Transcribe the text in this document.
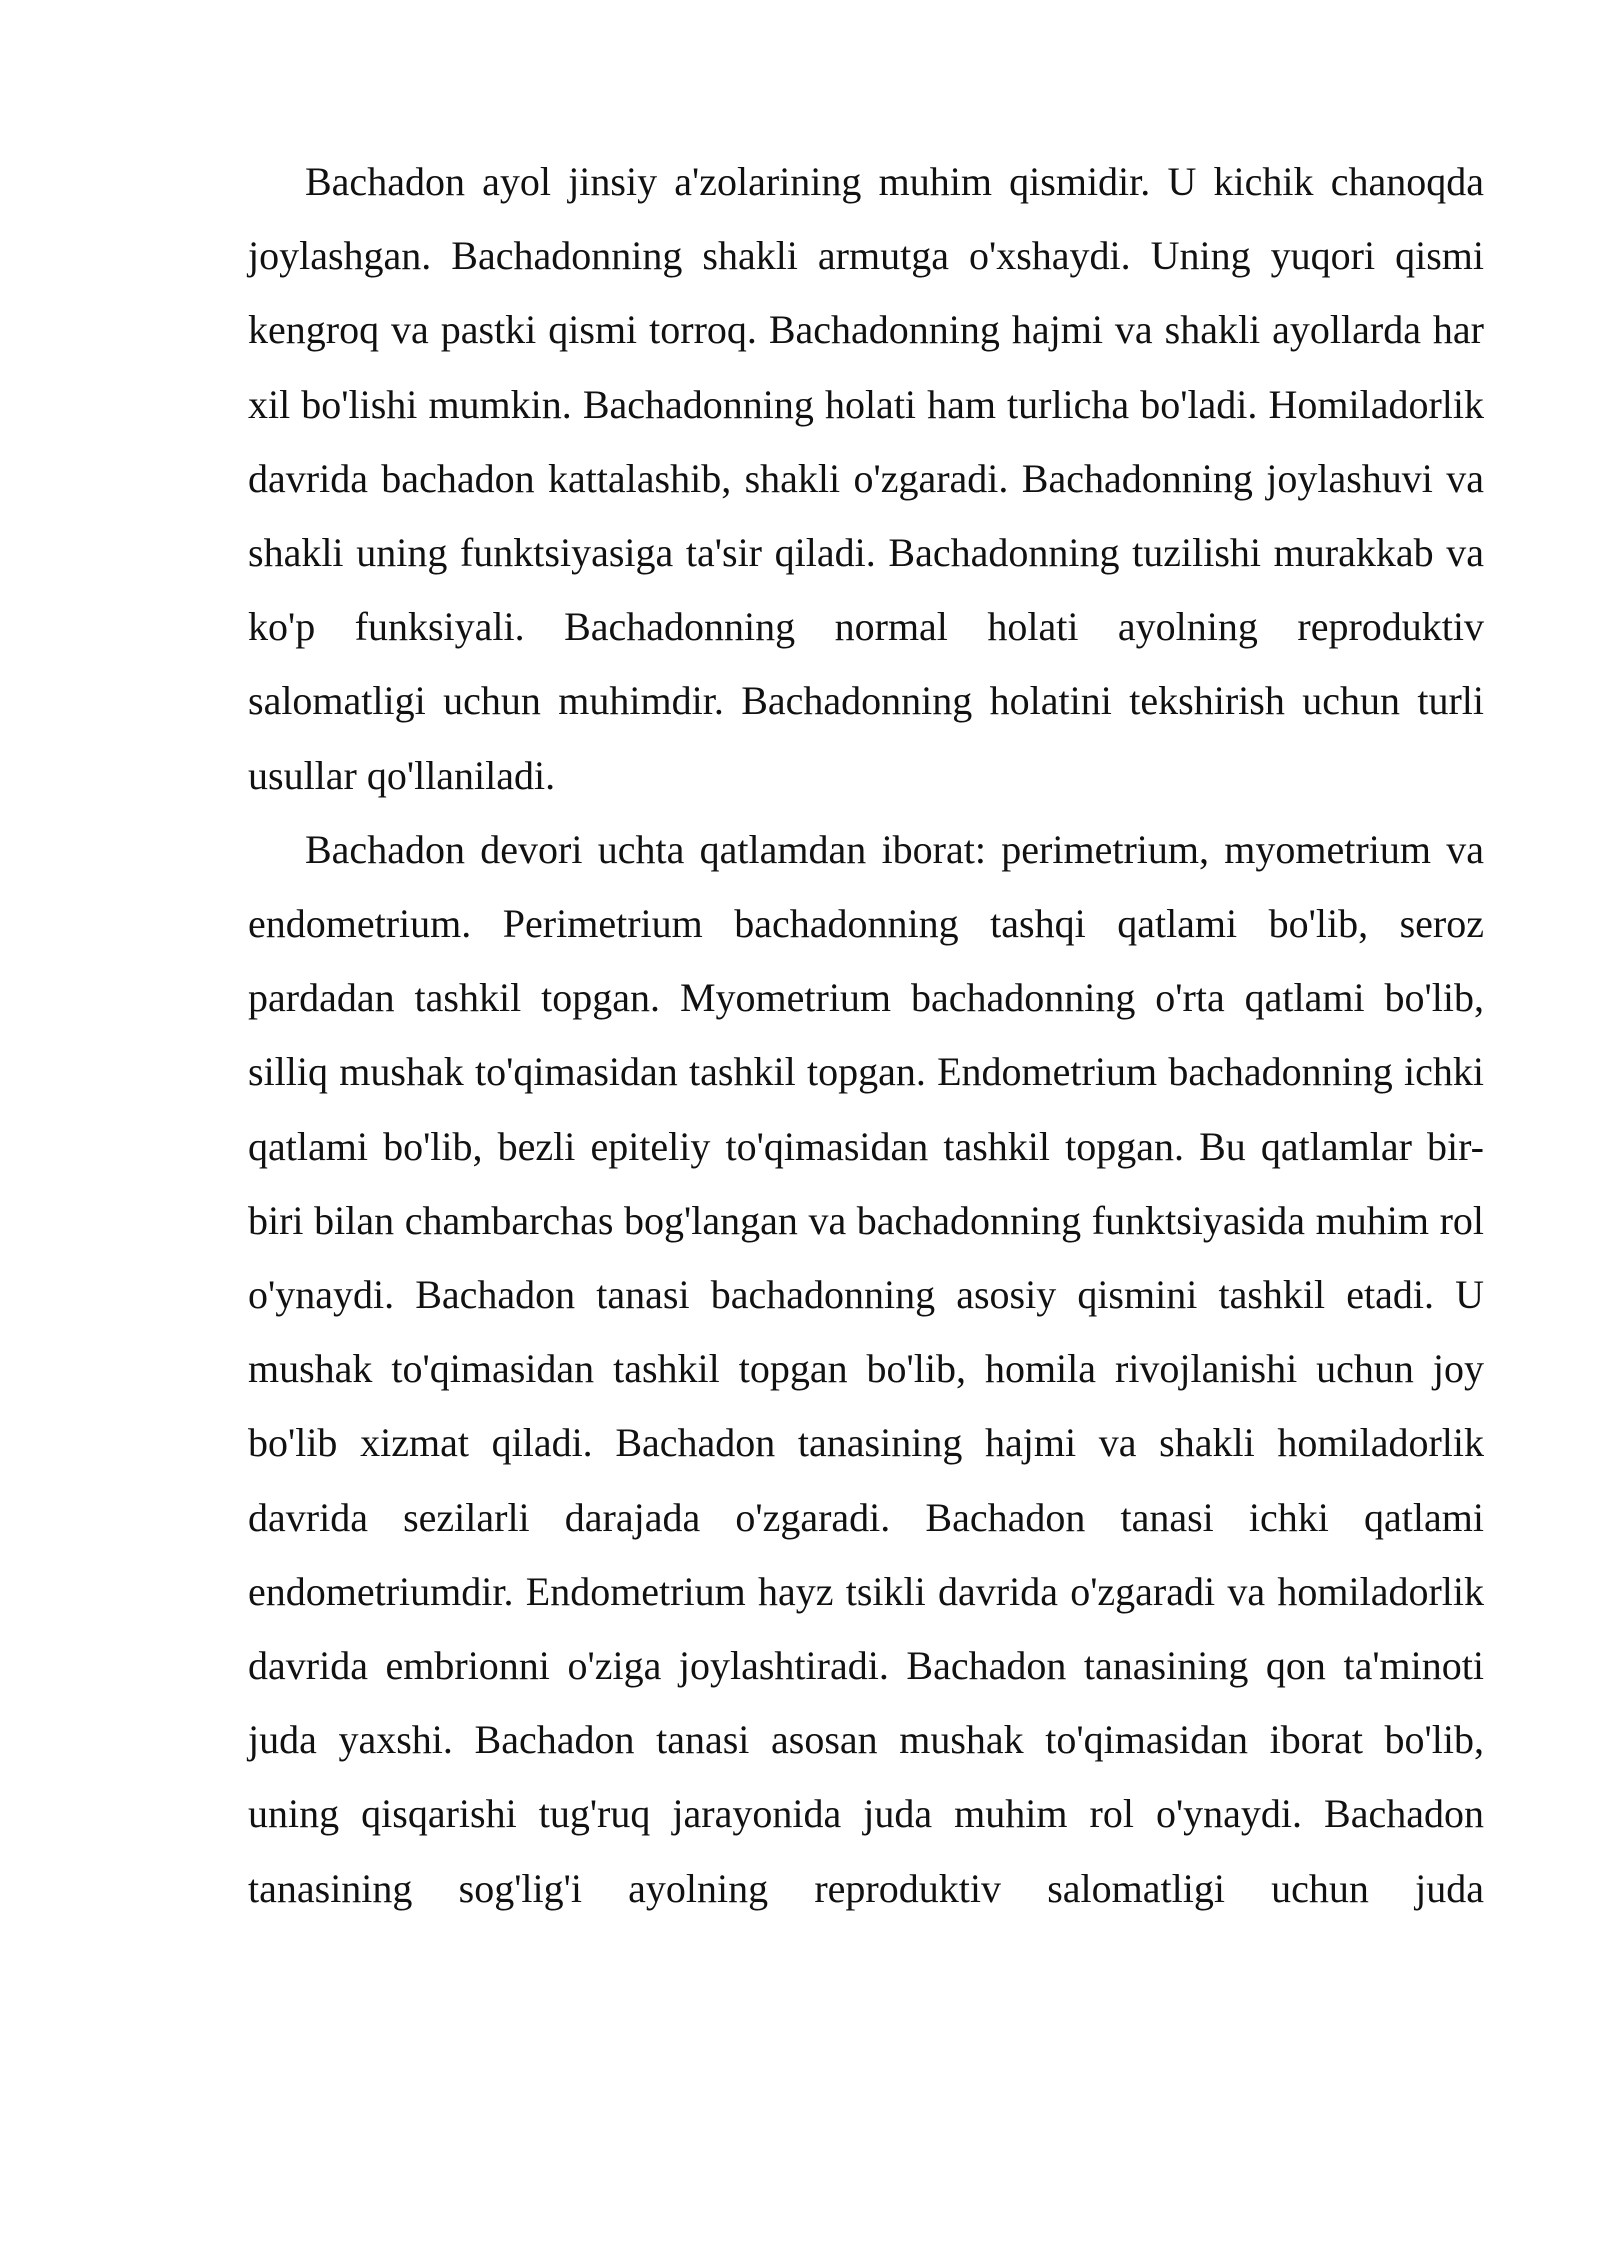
Bachadon ayol jinsiy a'zolarining muhim qismidir. U kichik chanoqda joylashgan. Bachadonning shakli armutga o'xshaydi. Uning yuqori qismi kengroq va pastki qismi torroq. Bachadonning hajmi va shakli ayollarda har xil bo'lishi mumkin. Bachadonning holati ham turlicha bo'ladi. Homiladorlik davrida bachadon kattalashib, shakli o'zgaradi. Bachadonning joylashuvi va shakli uning funktsiyasiga ta'sir qiladi. Bachadonning tuzilishi murakkab va ko'p funksiyali. Bachadonning normal holati ayolning reproduktiv salomatligi uchun muhimdir. Bachadonning holatini tekshirish uchun turli usullar qo'llaniladi.

Bachadon devori uchta qatlamdan iborat: perimetrium, myometrium va endometrium. Perimetrium bachadonning tashqi qatlami bo'lib, seroz pardadan tashkil topgan. Myometrium bachadonning o'rta qatlami bo'lib, silliq mushak to'qimasidan tashkil topgan. Endometrium bachadonning ichki qatlami bo'lib, bezli epiteliy to'qimasidan tashkil topgan. Bu qatlamlar bir-biri bilan chambarchas bog'langan va bachadonning funktsiyasida muhim rol o'ynaydi. Bachadon tanasi bachadonning asosiy qismini tashkil etadi. U mushak to'qimasidan tashkil topgan bo'lib, homila rivojlanishi uchun joy bo'lib xizmat qiladi. Bachadon tanasining hajmi va shakli homiladorlik davrida sezilarli darajada o'zgaradi. Bachadon tanasi ichki qatlami endometriumdir. Endometrium hayz tsikli davrida o'zgaradi va homiladorlik davrida embrionni o'ziga joylashtiradi. Bachadon tanasining qon ta'minoti juda yaxshi. Bachadon tanasi asosan mushak to'qimasidan iborat bo'lib, uning qisqarishi tug'ruq jarayonida juda muhim rol o'ynaydi. Bachadon tanasining sog'lig'i ayolning reproduktiv salomatligi uchun juda
